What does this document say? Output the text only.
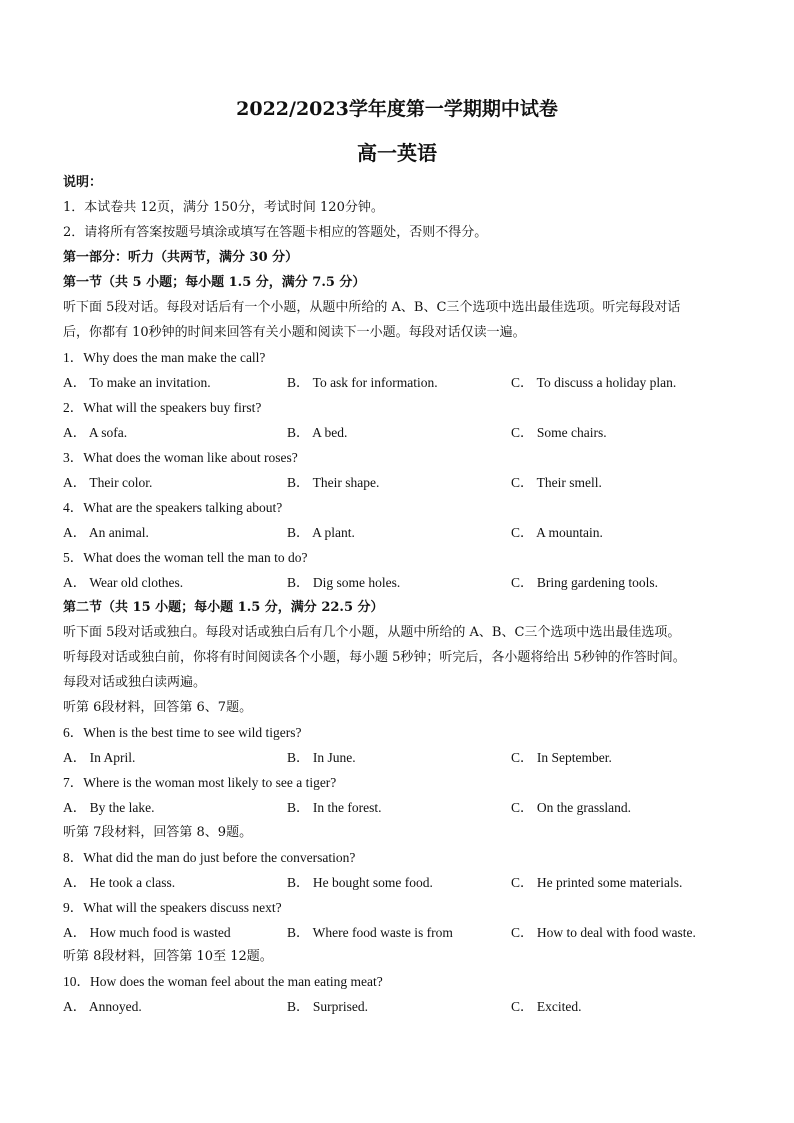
2022/2023学年度第一学期期中试卷
高一英语
说明：
1．本试卷共 12页，满分 150分，考试时间 120分钟。
2．请将所有答案按题号填涂或填写在答题卡相应的答题处，否则不得分。
第一部分：听力（共两节，满分 30 分）
第一节（共 5 小题；每小题 1.5 分，满分 7.5 分）
听下面 5段对话。每段对话后有一个小题，从题中所给的 A、B、C三个选项中选出最佳选项。听完每段对话
后，你都有 10秒钟的时间来回答有关小题和阅读下一小题。每段对话仅读一遍。
1．Why does the man make the call?
A． To make an invitation.	B． To ask for information.	C． To discuss a holiday plan.
2．What will the speakers buy first?
A． A sofa.	B． A bed.	C． Some chairs.
3．What does the woman like about roses?
A． Their color.	B． Their shape.	C． Their smell.
4．What are the speakers talking about?
A． An animal.	B． A plant.	C． A mountain.
5．What does the woman tell the man to do?
A． Wear old clothes.	B． Dig some holes.	C． Bring gardening tools.
第二节（共 15 小题；每小题 1.5 分，满分 22.5 分）
听下面 5段对话或独白。每段对话或独白后有几个小题，从题中所给的 A、B、C三个选项中选出最佳选项。
听每段对话或独白前，你将有时间阅读各个小题，每小题 5秒钟；听完后，各小题将给出 5秒钟的作答时间。
每段对话或独白读两遍。
听第 6段材料，回答第 6、7题。
6．When is the best time to see wild tigers?
A． In April.	B． In June.	C． In September.
7．Where is the woman most likely to see a tiger?
A． By the lake.	B． In the forest.	C． On the grassland.
听第 7段材料，回答第 8、9题。
8．What did the man do just before the conversation?
A． He took a class.	B． He bought some food.	C． He printed some materials.
9．What will the speakers discuss next?
A． How much food is wasted	B． Where food waste is from	C． How to deal with food waste.
听第 8段材料，回答第 10至 12题。
10．How does the woman feel about the man eating meat?
A． Annoyed.	B． Surprised.	C． Excited.
